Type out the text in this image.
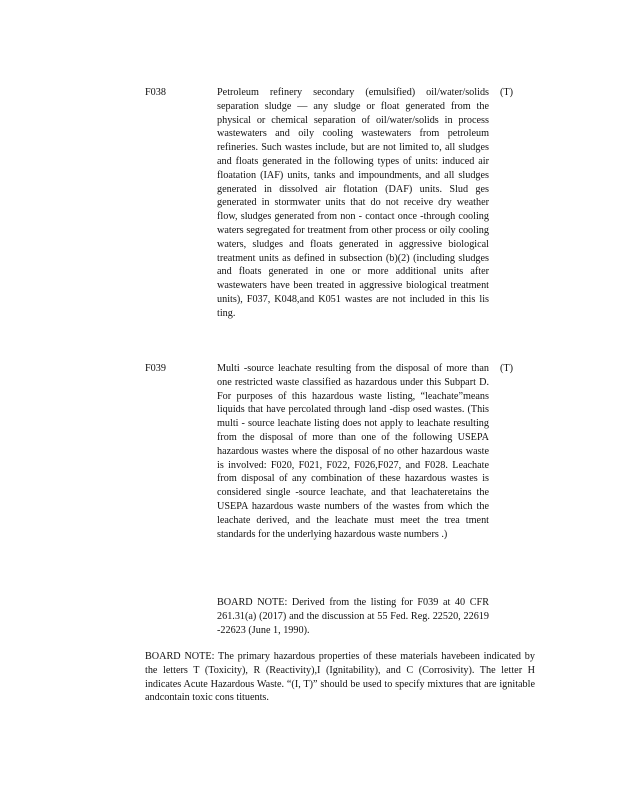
F038	Petroleum refinery secondary (emulsified) oil/water/solids separation sludge — any sludge or float generated from the physical or chemical separation of oil/water/solids in process wastewaters and oily cooling wastewaters from petroleum refineries. Such wastes include, but are not limited to, all sludges and floats generated in the following types of units: induced air floatation (IAF) units, tanks and impoundments, and all sludges generated in dissolved air flotation (DAF) units. Slud ges generated in stormwater units that do not receive dry weather flow, sludges generated from non - contact once -through cooling waters segregated for treatment from other process or oily cooling waters, sludges and floats generated in aggressive biological treatment units as defined in subsection (b)(2) (including sludges and floats generated in one or more additional units after wastewaters have been treated in aggressive biological treatment units), F037, K048,and K051 wastes are not included in this lis ting.
(T)
F039	Multi -source leachate resulting from the disposal of more than one restricted waste classified as hazardous under this Subpart D. For purposes of this hazardous waste listing, “leachate”means liquids that have percolated through land -disp osed wastes. (This multi - source leachate listing does not apply to leachate resulting from the disposal of more than one of the following USEPA hazardous wastes where the disposal of no other hazardous waste is involved: F020, F021, F022, F026,F027, and F028. Leachate from disposal of any combination of these hazardous wastes is considered single -source leachate, and that leachateretains the USEPA hazardous waste numbers of the wastes from which the leachate derived, and the leachate must meet the trea tment standards for the underlying hazardous waste numbers .)
(T)
BOARD NOTE: Derived from the listing for F039 at 40 CFR 261.31(a) (2017) and the discussion at 55 Fed. Reg. 22520, 22619 -22623 (June 1, 1990).
BOARD NOTE: The primary hazardous properties of these materials havebeen indicated by the letters T (Toxicity), R (Reactivity),I (Ignitability), and C (Corrosivity). The letter H indicates Acute Hazardous Waste. “(I, T)” should be used to specify mixtures that are ignitable andcontain toxic cons tituents.
